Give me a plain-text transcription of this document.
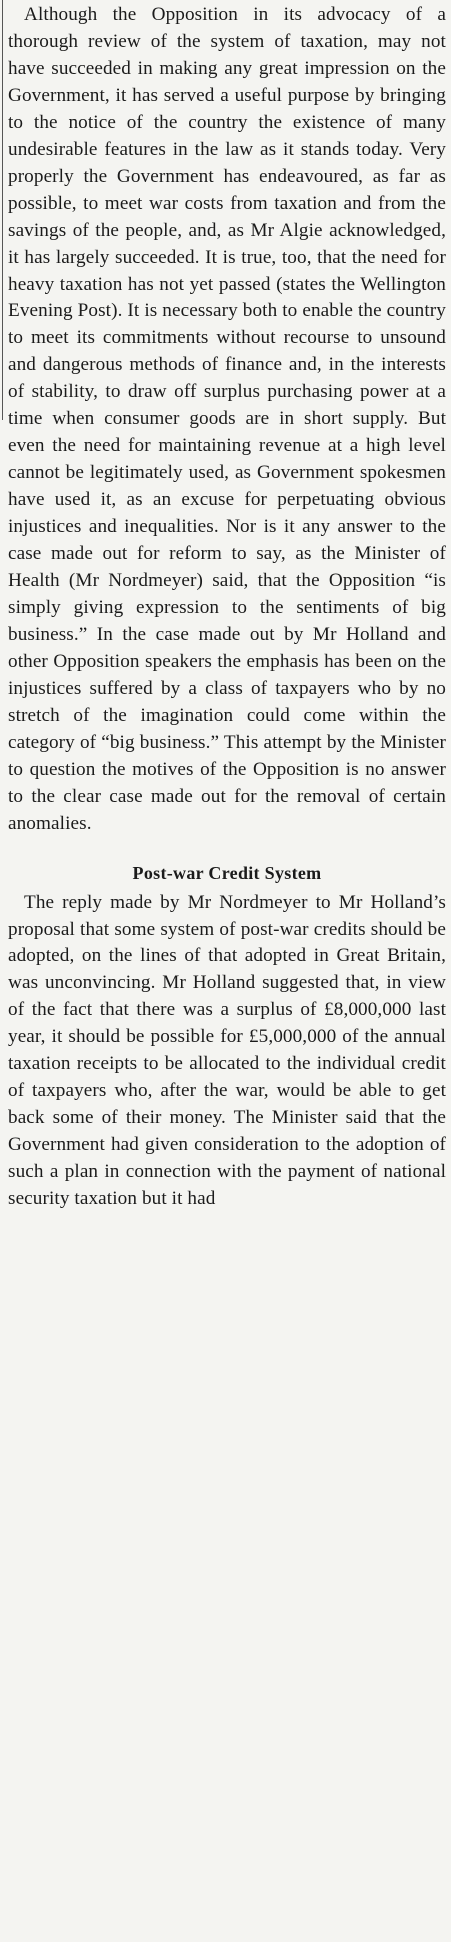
Although the Opposition in its advocacy of a thorough review of the system of taxation, may not have succeeded in making any great impression on the Government, it has served a useful purpose by bringing to the notice of the country the existence of many undesirable features in the law as it stands today. Very properly the Government has endeavoured, as far as possible, to meet war costs from taxation and from the savings of the people, and, as Mr Algie acknowledged, it has largely succeeded. It is true, too, that the need for heavy taxation has not yet passed (states the Wellington Evening Post). It is necessary both to enable the country to meet its commitments without recourse to unsound and dangerous methods of finance and, in the interests of stability, to draw off surplus purchasing power at a time when consumer goods are in short supply. But even the need for maintaining revenue at a high level cannot be legitimately used, as Government spokesmen have used it, as an excuse for perpetuating obvious injustices and inequalities. Nor is it any answer to the case made out for reform to say, as the Minister of Health (Mr Nordmeyer) said, that the Opposition “is simply giving expression to the sentiments of big business.” In the case made out by Mr Holland and other Opposition speakers the emphasis has been on the injustices suffered by a class of taxpayers who by no stretch of the imagination could come within the category of “big business.” This attempt by the Minister to question the motives of the Opposition is no answer to the clear case made out for the removal of certain anomalies.

Post-war Credit System

The reply made by Mr Nordmeyer to Mr Holland’s proposal that some system of post-war credits should be adopted, on the lines of that adopted in Great Britain, was unconvincing. Mr Holland suggested that, in view of the fact that there was a surplus of £8,000,000 last year, it should be possible for £5,000,000 of the annual taxation receipts to be allocated to the individual credit of taxpayers who, after the war, would be able to get back some of their money. The Minister said that the Government had given consideration to the adoption of such a plan in connection with the payment of national security taxation but it had
